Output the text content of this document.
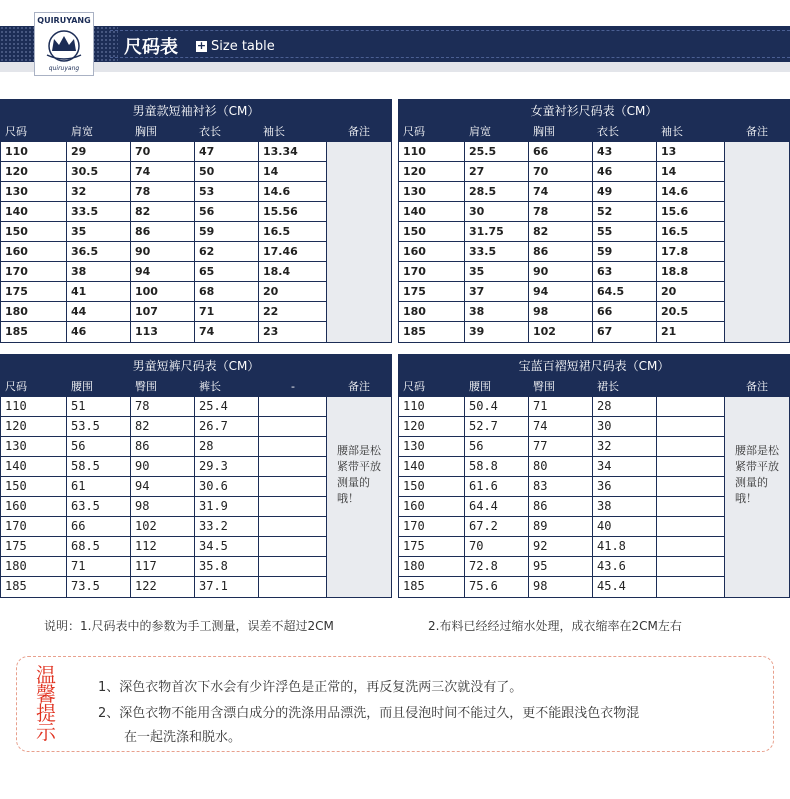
QUIRUYANG
quiruyang
尺码表 + Size table
男童款短袖衬衫（CM）
尺码	肩宽	胸围	衣长	袖长	备注
110	29	70	47	13.34
120	30.5	74	50	14
130	32	78	53	14.6
140	33.5	82	56	15.56
150	35	86	59	16.5
160	36.5	90	62	17.46
170	38	94	65	18.4
175	41	100	68	20
180	44	107	71	22
185	46	113	74	23
女童衬衫尺码表（CM）
尺码	肩宽	胸围	衣长	袖长	备注
110	25.5	66	43	13
120	27	70	46	14
130	28.5	74	49	14.6
140	30	78	52	15.6
150	31.75	82	55	16.5
160	33.5	86	59	17.8
170	35	90	63	18.8
175	37	94	64.5	20
180	38	98	66	20.5
185	39	102	67	21
男童短裤尺码表（CM）
尺码	腰围	臀围	裤长	-	备注
110	51	78	25.4
120	53.5	82	26.7
130	56	86	28
140	58.5	90	29.3
150	61	94	30.6
160	63.5	98	31.9
170	66	102	33.2
175	68.5	112	34.5
180	71	117	35.8
185	73.5	122	37.1
腰部是松紧带平放测量的哦！
宝蓝百褶短裙尺码表（CM）
尺码	腰围	臀围	裙长	备注
110	50.4	71	28
120	52.7	74	30
130	56	77	32
140	58.8	80	34
150	61.6	83	36
160	64.4	86	38
170	67.2	89	40
175	70	92	41.8
180	72.8	95	43.6
185	75.6	98	45.4
腰部是松紧带平放测量的哦！
说明：1.尺码表中的参数为手工测量，误差不超过2CM	2.布料已经经过缩水处理，成衣缩率在2CM左右
温馨提示
1、深色衣物首次下水会有少许浮色是正常的，再反复洗两三次就没有了。
2、深色衣物不能用含漂白成分的洗涤用品漂洗，而且侵泡时间不能过久，更不能跟浅色衣物混
在一起洗涤和脱水。
